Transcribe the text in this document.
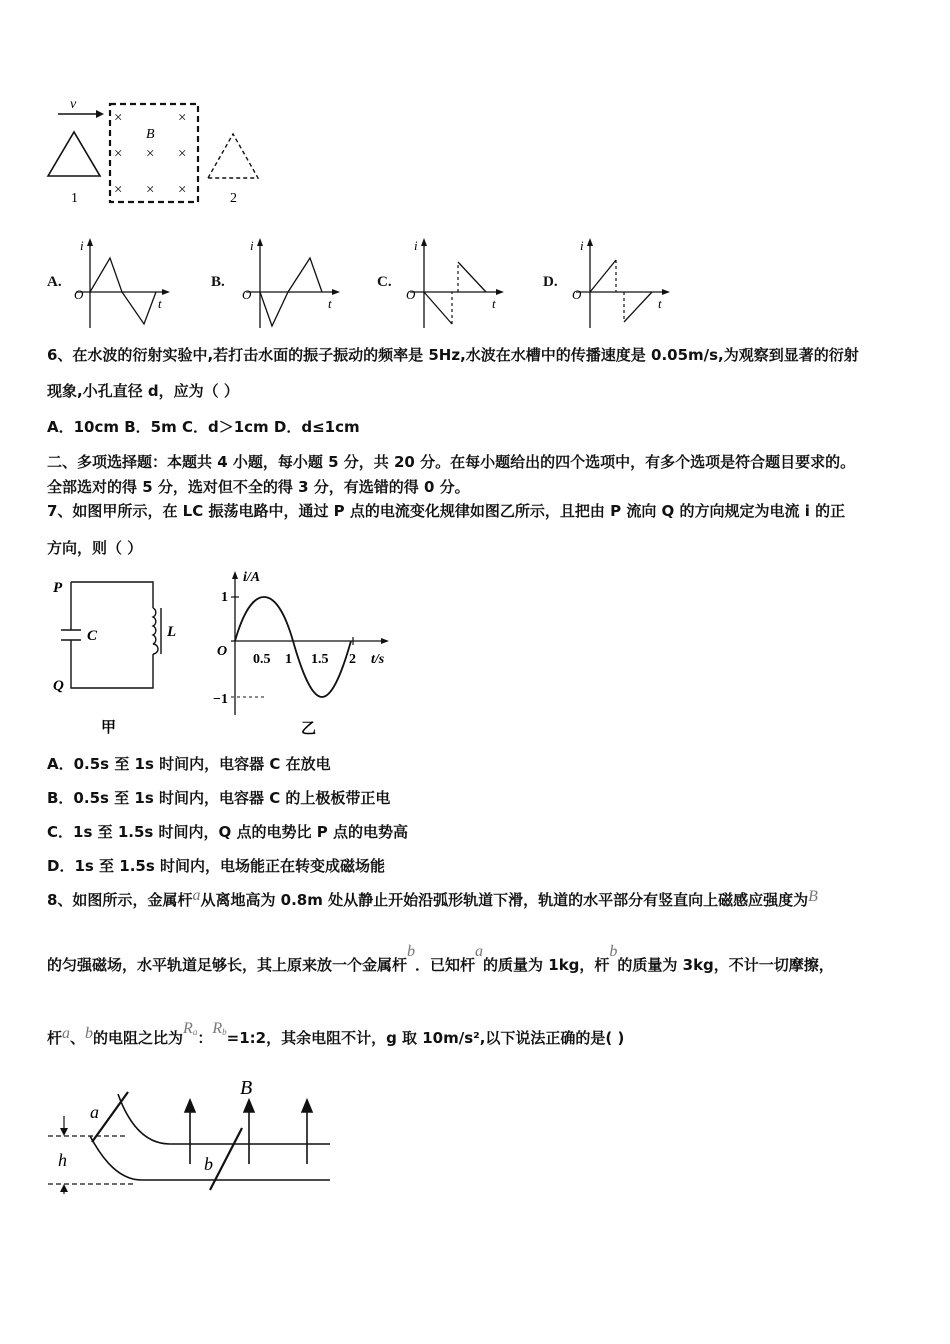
v
1
×	×
× × ×
× × ×
B
2
A.
i
t
O
B.
i
t
O
C.
i
t
O
D.
i
t
O
6、在水波的衍射实验中,若打击水面的振子振动的频率是 5Hz,水波在水槽中的传播速度是 0.05m/s,为观察到显著的衍射
现象,小孔直径 d，应为（ ）
A．10cm B．5m C．d＞1cm D．d≤1cm
二、多项选择题：本题共 4 小题，每小题 5 分，共 20 分。在每小题给出的四个选项中，有多个选项是符合题目要求的。
全部选对的得 5 分，选对但不全的得 3 分，有选错的得 0 分。
7、如图甲所示，在 LC 振荡电路中，通过 P 点的电流变化规律如图乙所示，且把由 P 流向 Q 的方向规定为电流 i 的正
方向，则（ ）
P
Q
C	L
甲
i/A
t/s
O
1
−1
0.5 1 1.5 2
乙
A．0.5s 至 1s 时间内，电容器 C 在放电
B．0.5s 至 1s 时间内，电容器 C 的上极板带正电
C．1s 至 1.5s 时间内，Q 点的电势比 P 点的电势高
D．1s 至 1.5s 时间内，电场能正在转变成磁场能
8、如图所示，金属杆a从离地高为 0.8m 处从静止开始沿弧形轨道下滑，轨道的水平部分有竖直向上磁感应强度为B
的匀强磁场，水平轨道足够长，其上原来放一个金属杆b．已知杆a的质量为 1kg，杆b的质量为 3kg，不计一切摩擦，
杆a、b的电阻之比为$R^a$：$R^b=1:2$，其余电阻不计，g 取 10m/s²,以下说法正确的是( )
h
a
b
B
